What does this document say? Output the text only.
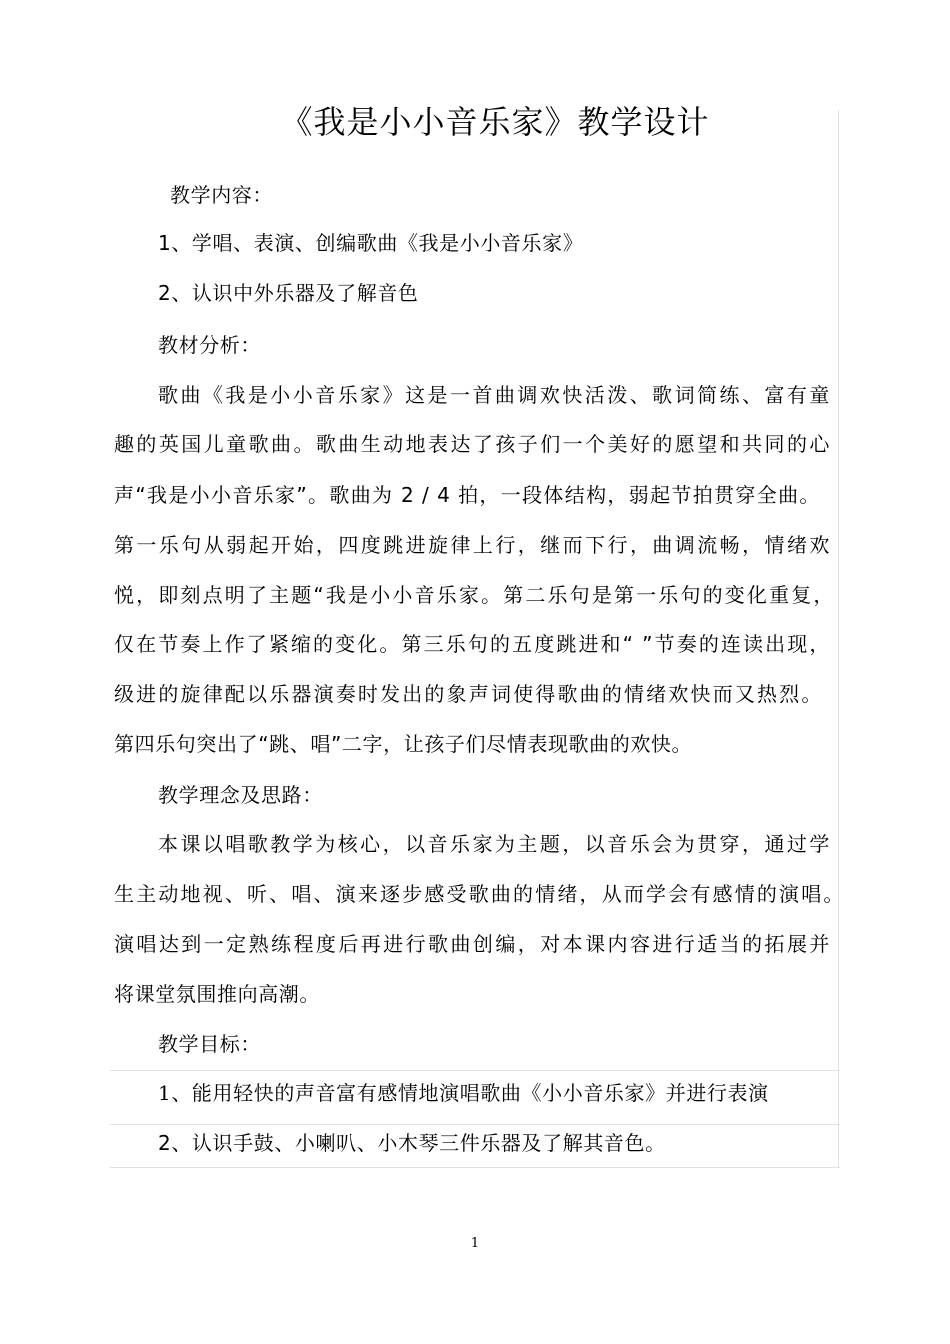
《我是小小音乐家》教学设计
教学内容：
1、学唱、表演、创编歌曲《我是小小音乐家》
2、认识中外乐器及了解音色
教材分析：
歌曲《我是小小音乐家》这是一首曲调欢快活泼、歌词简练、富有童
趣的英国儿童歌曲。歌曲生动地表达了孩子们一个美好的愿望和共同的心
声“我是小小音乐家”。歌曲为 2 / 4 拍，一段体结构，弱起节拍贯穿全曲。
第一乐句从弱起开始，四度跳进旋律上行，继而下行，曲调流畅，情绪欢
悦，即刻点明了主题“我是小小音乐家。第二乐句是第一乐句的变化重复，
仅在节奏上作了紧缩的变化。第三乐句的五度跳进和“ ”节奏的连读出现，
级进的旋律配以乐器演奏时发出的象声词使得歌曲的情绪欢快而又热烈。
第四乐句突出了“跳、唱”二字，让孩子们尽情表现歌曲的欢快。
教学理念及思路：
本课以唱歌教学为核心，以音乐家为主题，以音乐会为贯穿，通过学
生主动地视、听、唱、演来逐步感受歌曲的情绪，从而学会有感情的演唱。
演唱达到一定熟练程度后再进行歌曲创编，对本课内容进行适当的拓展并
将课堂氛围推向高潮。
教学目标：
1、能用轻快的声音富有感情地演唱歌曲《小小音乐家》并进行表演
2、认识手鼓、小喇叭、小木琴三件乐器及了解其音色。
1
